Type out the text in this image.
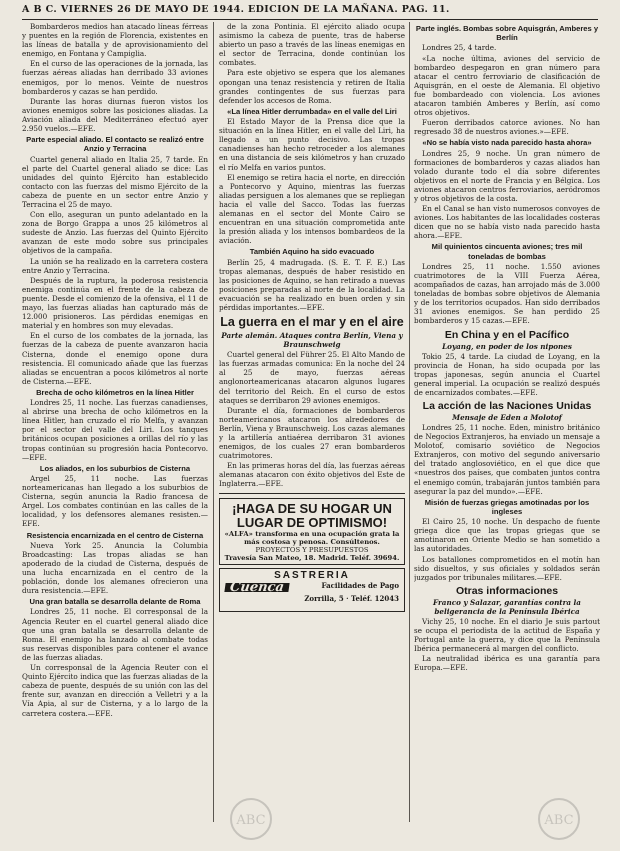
A B C. VIERNES 26 DE MAYO DE 1944. EDICION DE LA MAÑANA. PAG. 11.

Bombarderos medios han atacado líneas férreas y puentes en la región de Florencia, existentes en las líneas de batalla y de aprovisionamiento del enemigo, en Fontana y Campiglia.

En el curso de las operaciones de la jornada, las fuerzas aéreas aliadas han derribado 33 aviones enemigos, por lo menos. Veinte de nuestros bombarderos y cazas se han perdido.

Durante las horas diurnas fueron vistos los aviones enemigos sobre las posiciones aliadas. La Aviación aliada del Mediterráneo efectuó ayer 2.950 vuelos.—EFE.

Parte especial aliado. El contacto se realizó entre Anzio y Terracina

Cuartel general aliado en Italia 25, 7 tarde. En el parte del Cuartel general aliado se dice: Las unidades del quinto Ejército han establecido contacto con las fuerzas del mismo Ejército de la cabeza de puente en un sector entre Anzio y Terracina el 25 de mayo.

Con ello, aseguran un punto adelantado en la zona de Borgo Grappa a unos 25 kilómetros al sudeste de Anzio. Las fuerzas del Quinto Ejército avanzan de este modo sobre sus principales objetivos de la campaña.

La unión se ha realizado en la carretera costera entre Anzio y Terracina.

Después de la ruptura, la poderosa resistencia enemiga continúa en el frente de la cabeza de puente. Desde el comienzo de la ofensiva, el 11 de mayo, las fuerzas aliadas han capturado más de 12.000 prisioneros. Las pérdidas enemigas en material y en hombres son muy elevadas.

En el curso de los combates de la jornada, las fuerzas de la cabeza de puente avanzaron hacia Cisterna, donde el enemigo opone dura resistencia. El comunicado añade que las fuerzas aliadas se encuentran a pocos kilómetros al norte de Cisterna.—EFE.

Brecha de ocho kilómetros en la línea Hitler

Londres 25, 11 noche. Las fuerzas canadienses, al abrirse una brecha de ocho kilómetros en la línea Hitler, han cruzado el río Melfa, y avanzan por el sector del valle del Liri. Los tanques británicos ocupan posiciones a orillas del río y las tropas continúan su progresión hacia Pontecorvo.—EFE.

Los aliados, en los suburbios de Cisterna

Argel 25, 11 noche. Las fuerzas norteamericanas han llegado a los suburbios de Cisterna, según anuncia la Radio francesa de Argel. Los combates continúan en las calles de la localidad, y los defensores alemanes resisten.—EFE.

Resistencia encarnizada en el centro de Cisterna

Nueva York 25. Anuncia la Columbia Broadcasting: Las tropas aliadas se han apoderado de la ciudad de Cisterna, después de una lucha encarnizada en el centro de la población, donde los alemanes ofrecieron una dura resistencia.—EFE.

Una gran batalla se desarrolla delante de Roma

Londres 25, 11 noche. El corresponsal de la Agencia Reuter en el cuartel general aliado dice que una gran batalla se desarrolla delante de Roma. El enemigo ha lanzado al combate todas sus reservas disponibles para contener el avance de las fuerzas aliadas.

Un corresponsal de la Agencia Reuter con el Quinto Ejército indica que las fuerzas aliadas de la cabeza de puente, después de su unión con las del frente sur, avanzan en dirección a Velletri y a la Vía Apia, al sur de Cisterna, y a lo largo de la carretera costera.—EFE.

de la zona Pontinia. El ejército aliado ocupa asimismo la cabeza de puente, tras de haberse abierto un paso a través de las líneas enemigas en el sector de Terracina, donde continúan los combates.

Para este objetivo se espera que los alemanes opongan una tenaz resistencia y retiren de Italia grandes contingentes de sus fuerzas para defender los accesos de Roma.

«La línea Hitler derrumbada» en el valle del Liri

El Estado Mayor de la Prensa dice que la situación en la línea Hitler, en el valle del Liri, ha llegado a un punto decisivo. Las tropas canadienses han hecho retroceder a los alemanes en una distancia de seis kilómetros y han cruzado el río Melfa en varios puntos.

El enemigo se retira hacia el norte, en dirección a Pontecorvo y Aquino, mientras las fuerzas aliadas persiguen a los alemanes que se repliegan hacia el valle del Sacco. Todas las fuerzas alemanas en el sector del Monte Cairo se encuentran en una situación comprometida ante la presión aliada y los intensos bombardeos de la aviación.

También Aquino ha sido evacuado

Berlín 25, 4 madrugada. (S. E. T. F. E.) Las tropas alemanas, después de haber resistido en las posiciones de Aquino, se han retirado a nuevas posiciones preparadas al norte de la localidad. La evacuación se ha realizado en buen orden y sin pérdidas importantes.—EFE.

La guerra en el mar y en el aire
Parte alemán. Ataques contra Berlín, Viena y Braunschweig

Cuartel general del Führer 25. El Alto Mando de las fuerzas armadas comunica: En la noche del 24 al 25 de mayo, fuerzas aéreas anglonorteamericanas atacaron algunos lugares del territorio del Reich. En el curso de estos ataques se derribaron 29 aviones enemigos.

Durante el día, formaciones de bombarderos norteamericanos atacaron los alrededores de Berlín, Viena y Braunschweig. Los cazas alemanes y la artillería antiaérea derribaron 31 aviones enemigos, de los cuales 27 eran bombarderos cuatrimotores.

En las primeras horas del día, las fuerzas aéreas alemanas atacaron con éxito objetivos del Este de Inglaterra.—EFE.

¡HAGA DE SU HOGAR UN LUGAR DE OPTIMISMO!
«ALFA» transforma en una ocupación grata la más costosa y penosa. Consúltenos.
PROYECTOS Y PRESUPUESTOS
Travesía San Mateo, 18. Madrid. Teléf. 39694.
SASTRERIA
Cuenca	Facilidades de Pago
Zorrilla, 5 · Teléf. 12043
Parte inglés. Bombas sobre Aquisgrán, Amberes y Berlín

Londres 25, 4 tarde.

«La noche última, aviones del servicio de bombardeo despegaron en gran número para atacar el centro ferroviario de clasificación de Aquisgrán, en el oeste de Alemania. El objetivo fue bombardeado con violencia. Los aviones atacaron también Amberes y Berlín, así como otros objetivos.

Fueron derribados catorce aviones. No han regresado 38 de nuestros aviones.»—EFE.

«No se había visto nada parecido hasta ahora»

Londres 25, 9 noche. Un gran número de formaciones de bombarderos y cazas aliados han volado durante todo el día sobre diferentes objetivos en el norte de Francia y en Bélgica. Los aviones atacaron centros ferroviarios, aeródromos y otros objetivos de la costa.

En el Canal se han visto numerosos convoyes de aviones. Los habitantes de las localidades costeras dicen que no se había visto nada parecido hasta ahora.—EFE.

Mil quinientos cincuenta aviones; tres mil toneladas de bombas

Londres 25, 11 noche. 1.550 aviones cuatrimotores de la VIII Fuerza Aérea, acompañados de cazas, han arrojado más de 3.000 toneladas de bombas sobre objetivos de Alemania y de los territorios ocupados. Han sido derribados 31 aviones enemigos. Se han perdido 25 bombarderos y 15 cazas.—EFE.

En China y en el Pacífico
Loyang, en poder de los nipones

Tokio 25, 4 tarde. La ciudad de Loyang, en la provincia de Honan, ha sido ocupada por las tropas japonesas, según anuncia el Cuartel general imperial. La ocupación se realizó después de encarnizados combates.—EFE.

La acción de las Naciones Unidas
Mensaje de Eden a Molotof

Londres 25, 11 noche. Eden, ministro británico de Negocios Extranjeros, ha enviado un mensaje a Molotof, comisario soviético de Negocios Extranjeros, con motivo del segundo aniversario del tratado anglosoviético, en el que dice que «nuestros dos países, que combaten juntos contra el enemigo común, trabajarán juntos también para asegurar la paz del mundo».—EFE.

Misión de fuerzas griegas amotinadas por los ingleses

El Cairo 25, 10 noche. Un despacho de fuente griega dice que las tropas griegas que se amotinaron en Oriente Medio se han sometido a las autoridades.

Los batallones comprometidos en el motín han sido disueltos, y sus oficiales y soldados serán juzgados por tribunales militares.—EFE.

Otras informaciones
Franco y Salazar, garantías contra la beligerancia de la Península Ibérica

Vichy 25, 10 noche. En el diario Je suis partout se ocupa el periodista de la actitud de España y Portugal ante la guerra, y dice que la Península Ibérica permanecerá al margen del conflicto.

La neutralidad ibérica es una garantía para Europa.—EFE.

ABC	ABC
